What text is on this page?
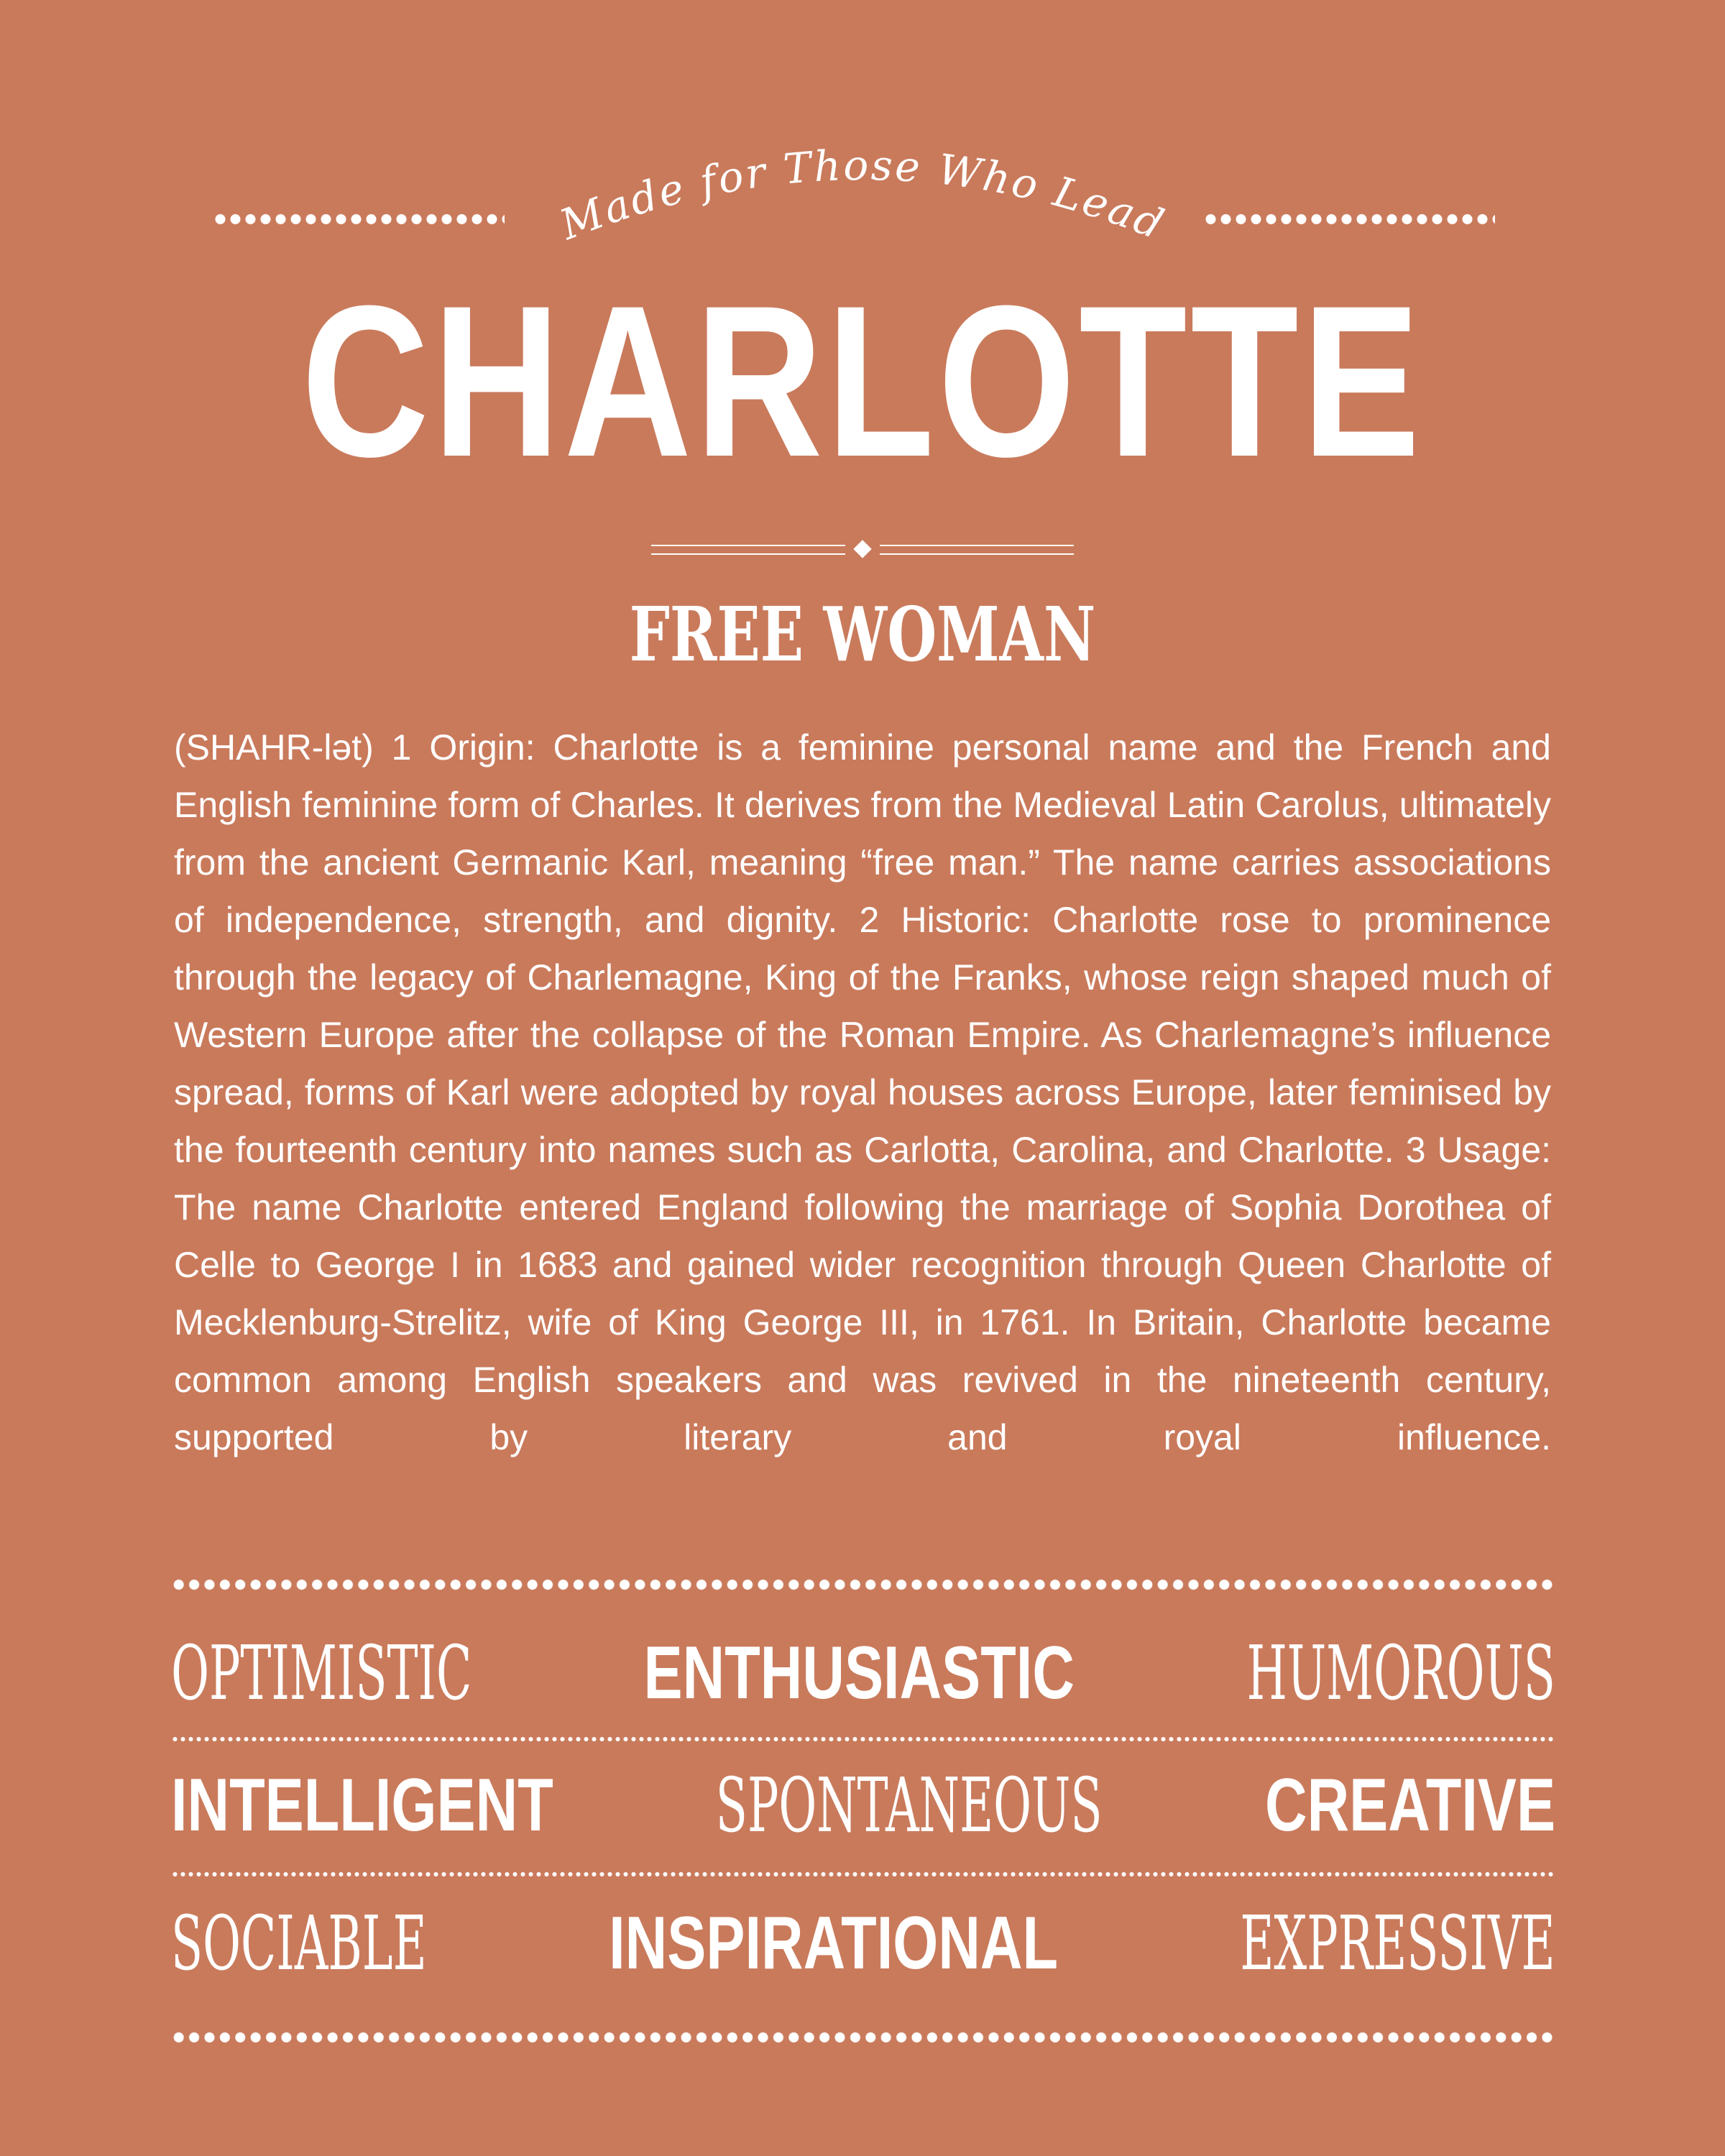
Made for Those Who Lead
CHARLOTTE
FREE WOMAN

(SHAHR-lət) 1 Origin: Charlotte is a feminine personal name and the French and English feminine form of Charles. It derives from the Medieval Latin Carolus, ultimately from the ancient Germanic Karl, meaning “free man.” The name carries associations of independence, strength, and dignity. 2 Historic: Charlotte rose to prominence through the legacy of Charlemagne, King of the Franks, whose reign shaped much of Western Europe after the collapse of the Roman Empire. As Charlemagne’s influence spread, forms of Karl were adopted by royal houses across Europe, later feminised by the fourteenth century into names such as Carlotta, Carolina, and Charlotte. 3 Usage: The name Charlotte entered England following the marriage of Sophia Dorothea of Celle to George I in 1683 and gained wider recognition through Queen Charlotte of Mecklenburg-Strelitz, wife of King George III, in 1761. In Britain, Charlotte became common among English speakers and was revived in the nineteenth century, supported by literary and royal influence.

OPTIMISTIC ENTHUSIASTIC HUMOROUS
INTELLIGENT SPONTANEOUS CREATIVE
SOCIABLE INSPIRATIONAL EXPRESSIVE
